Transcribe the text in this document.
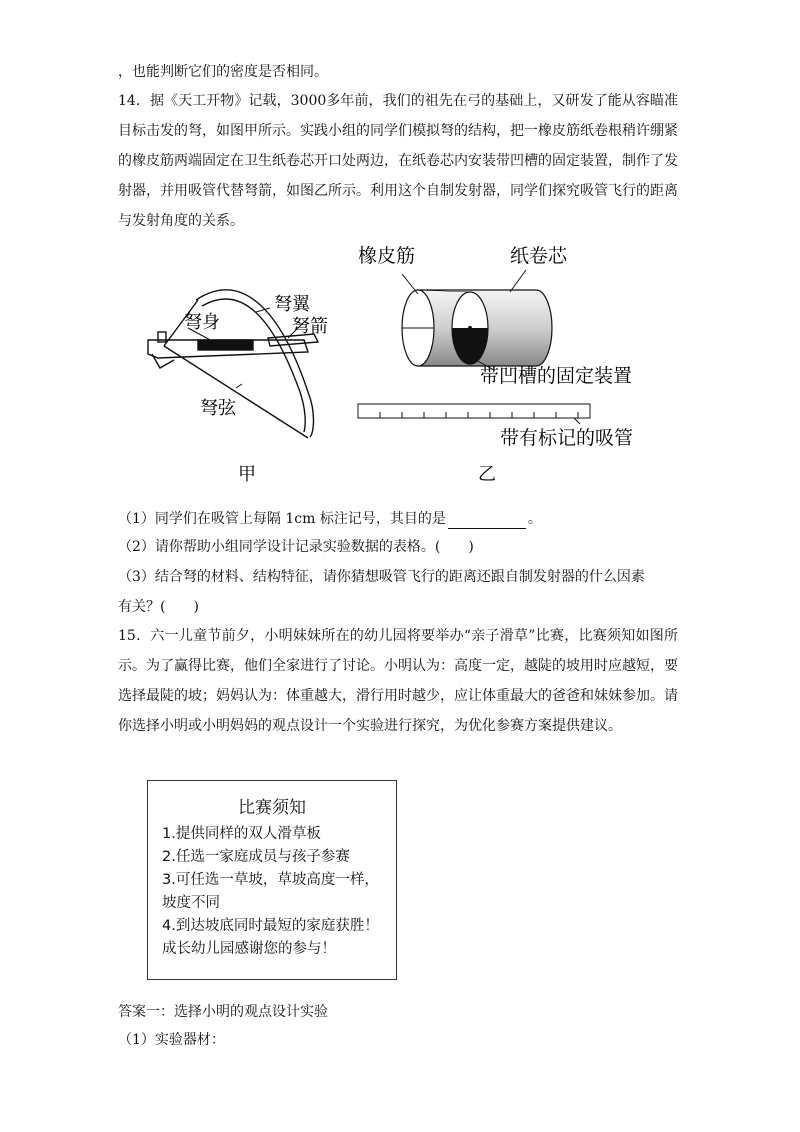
，也能判断它们的密度是否相同。
14．据《天工开物》记载，3000多年前，我们的祖先在弓的基础上，又研发了能从容瞄准目标击发的弩，如图甲所示。实践小组的同学们模拟弩的结构，把一橡皮筋纸卷根稍许绷紧的橡皮筋两端固定在卫生纸卷芯开口处两边，在纸卷芯内安装带凹槽的固定装置，制作了发射器，并用吸管代替弩箭，如图乙所示。利用这个自制发射器，同学们探究吸管飞行的距离与发射角度的关系。
弩翼
弩身	弩箭
弩弦
甲
橡皮筋	纸卷芯
带凹槽的固定装置
带有标记的吸管
乙
（1）同学们在吸管上每隔 1cm 标注记号，其目的是	。
（2）请你帮助小组同学设计记录实验数据的表格。( )
（3）结合弩的材料、结构特征，请你猜想吸管飞行的距离还跟自制发射器的什么因素
有关？( )
15．六一儿童节前夕，小明妹妹所在的幼儿园将要举办“亲子滑草”比赛，比赛须知如图所示。为了赢得比赛，他们全家进行了讨论。小明认为：高度一定，越陡的坡用时应越短，要选择最陡的坡；妈妈认为：体重越大，滑行用时越少，应让体重最大的爸爸和妹妹参加。请你选择小明或小明妈妈的观点设计一个实验进行探究，为优化参赛方案提供建议。
比赛须知
1.提供同样的双人滑草板
2.任选一家庭成员与孩子参赛
3.可任选一草坡，草坡高度一样，坡度不同
4.到达坡底同时最短的家庭获胜！成长幼儿园感谢您的参与！
答案一：选择小明的观点设计实验
（1）实验器材：
